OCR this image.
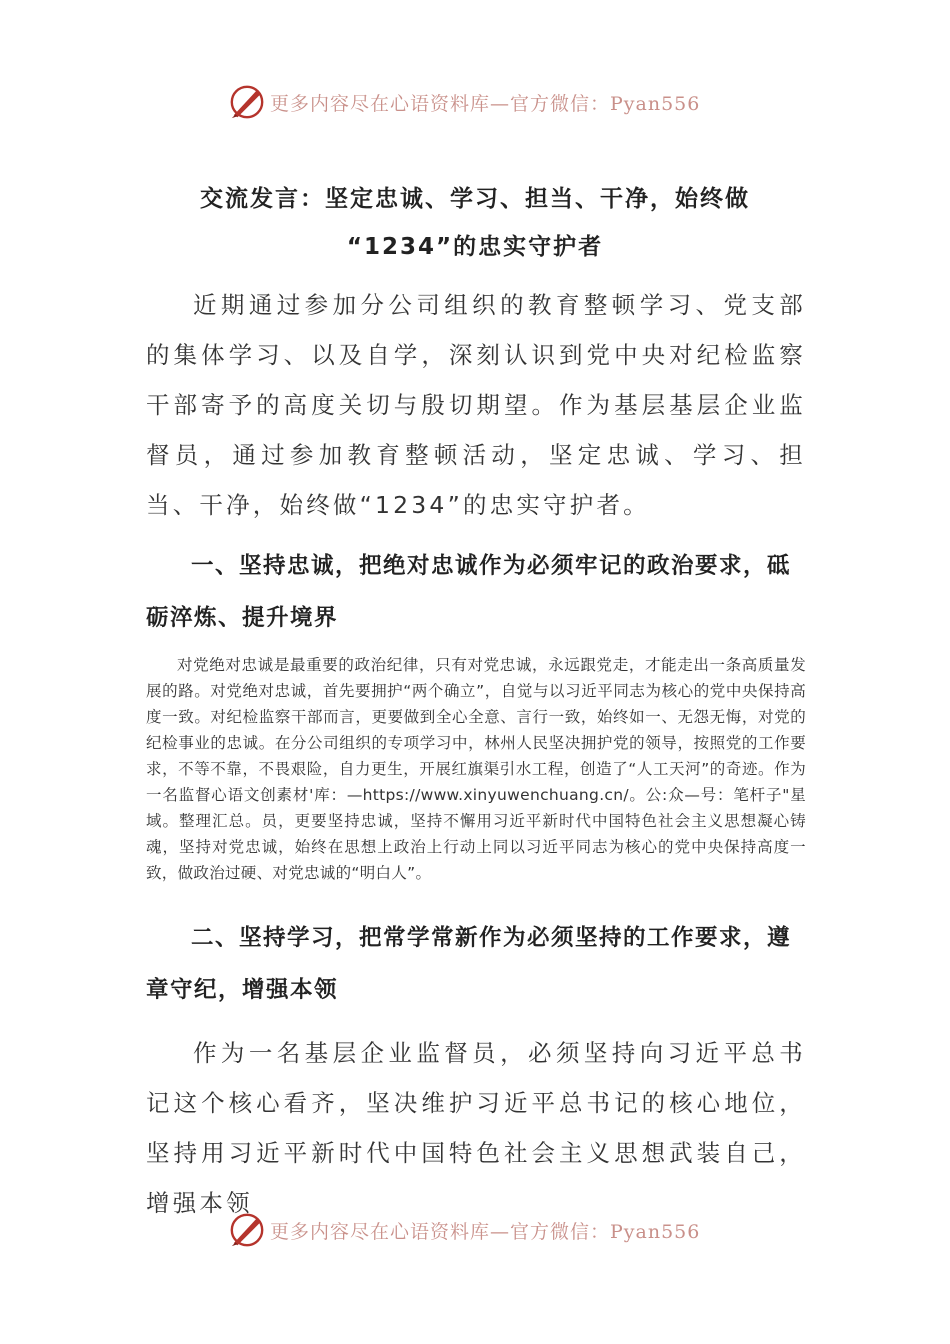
更多内容尽在心语资料库—官方微信：Pyan556
交流发言：坚定忠诚、学习、担当、干净，始终做
“1234”的忠实守护者

近期通过参加分公司组织的教育整顿学习、党支部的集体学习、以及自学，深刻认识到党中央对纪检监察干部寄予的高度关切与殷切期望。作为基层基层企业监督员，通过参加教育整顿活动，坚定忠诚、学习、担当、干净，始终做“1234”的忠实守护者。

一、坚持忠诚，把绝对忠诚作为必须牢记的政治要求，砥砺淬炼、提升境界

对党绝对忠诚是最重要的政治纪律，只有对党忠诚，永远跟党走，才能走出一条高质量发展的路。对党绝对忠诚，首先要拥护“两个确立”，自觉与以习近平同志为核心的党中央保持高度一致。对纪检监察干部而言，更要做到全心全意、言行一致，始终如一、无怨无悔，对党的纪检事业的忠诚。在分公司组织的专项学习中，林州人民坚决拥护党的领导，按照党的工作要求，不等不靠，不畏艰险，自力更生，开展红旗渠引水工程，创造了“人工天河”的奇迹。作为一名监督心语文创素材'库：—https://www.xinyuwenchuang.cn/。公:众—号：笔杆子"星域。整理汇总。员，更要坚持忠诚，坚持不懈用习近平新时代中国特色社会主义思想凝心铸魂，坚持对党忠诚，始终在思想上政治上行动上同以习近平同志为核心的党中央保持高度一致，做政治过硬、对党忠诚的“明白人”。

二、坚持学习，把常学常新作为必须坚持的工作要求，遵章守纪，增强本领

作为一名基层企业监督员，必须坚持向习近平总书记这个核心看齐，坚决维护习近平总书记的核心地位，坚持用习近平新时代中国特色社会主义思想武装自己，增强本领

更多内容尽在心语资料库—官方微信：Pyan556
